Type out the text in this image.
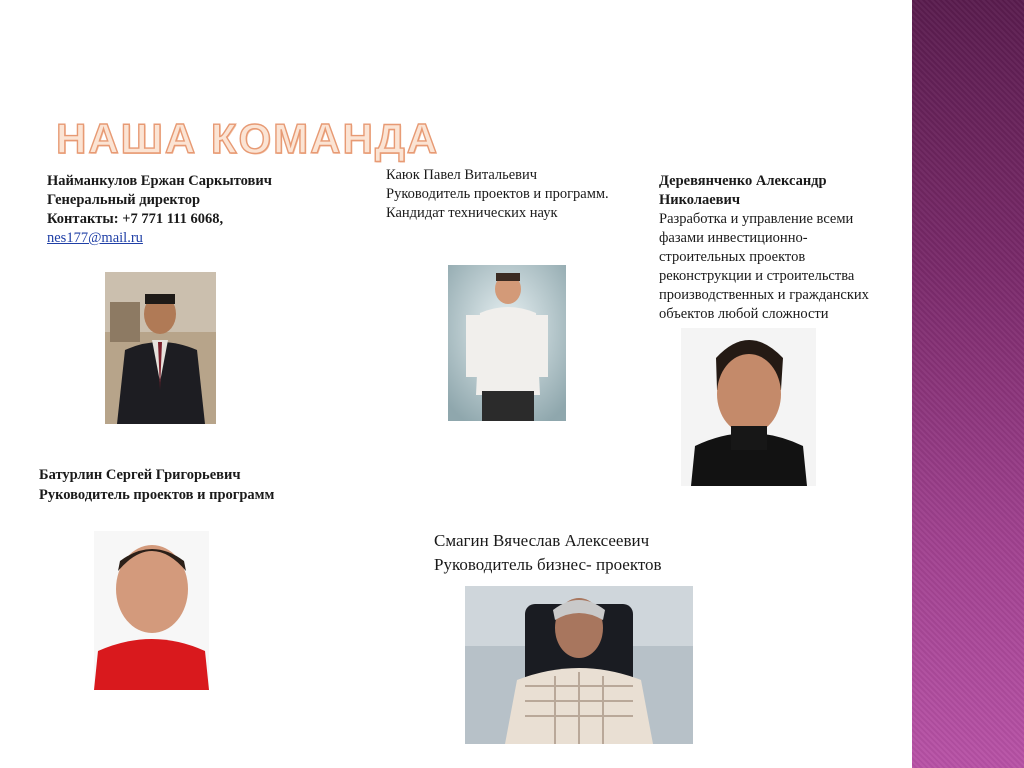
НАША КОМАНДА
Найманкулов Ержан Саркытович
Генеральный директор
Контакты: +7 771 111 6068,
nes177@mail.ru
Каюк Павел Витальевич
Руководитель проектов и программ.
Кандидат технических наук
Деревянченко Александр
Николаевич
Разработка и управление всеми
фазами инвестиционно-
строительных проектов
реконструкции и строительства
производственных и гражданских
объектов любой сложности
Батурлин Сергей Григорьевич
Руководитель проектов и программ
Смагин Вячеслав Алексеевич
Руководитель бизнес- проектов
